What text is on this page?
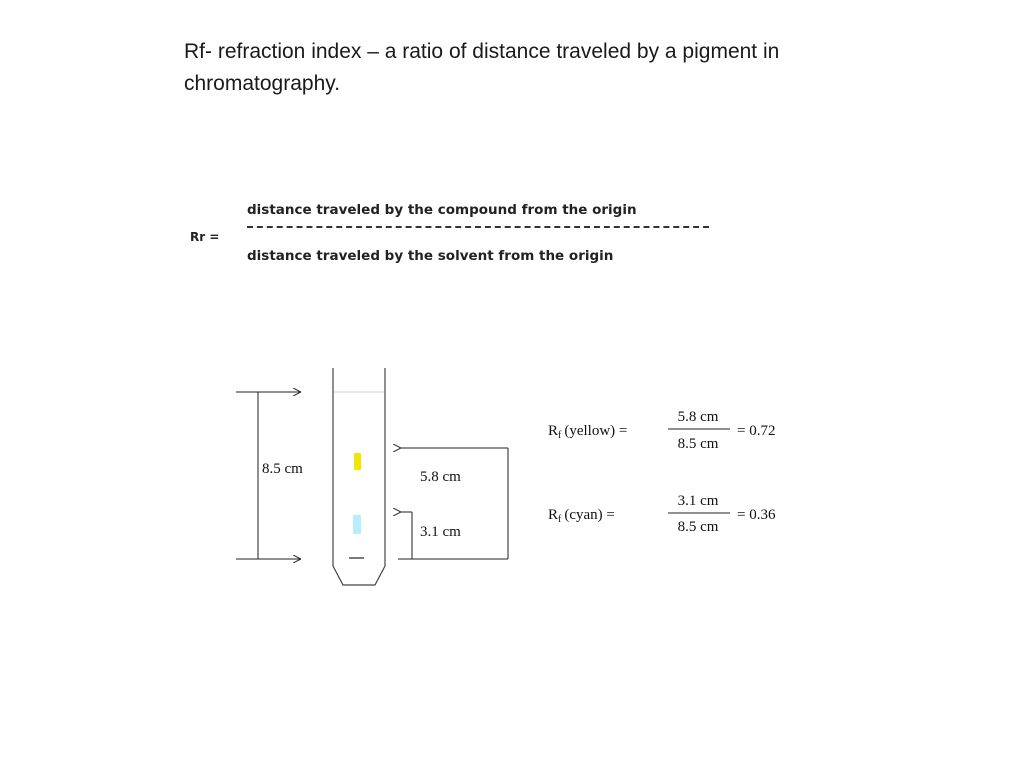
Rf- refraction index – a ratio of distance traveled by a pigment in chromatography.
Rr =
distance traveled by the compound from the origin
distance traveled by the solvent from the origin
8.5 cm	5.8 cm
3.1 cm
$R_f$ (yellow) =
5.8 cm
8.5 cm
= 0.72
$R_f$ (cyan) =
3.1 cm
8.5 cm
= 0.36
